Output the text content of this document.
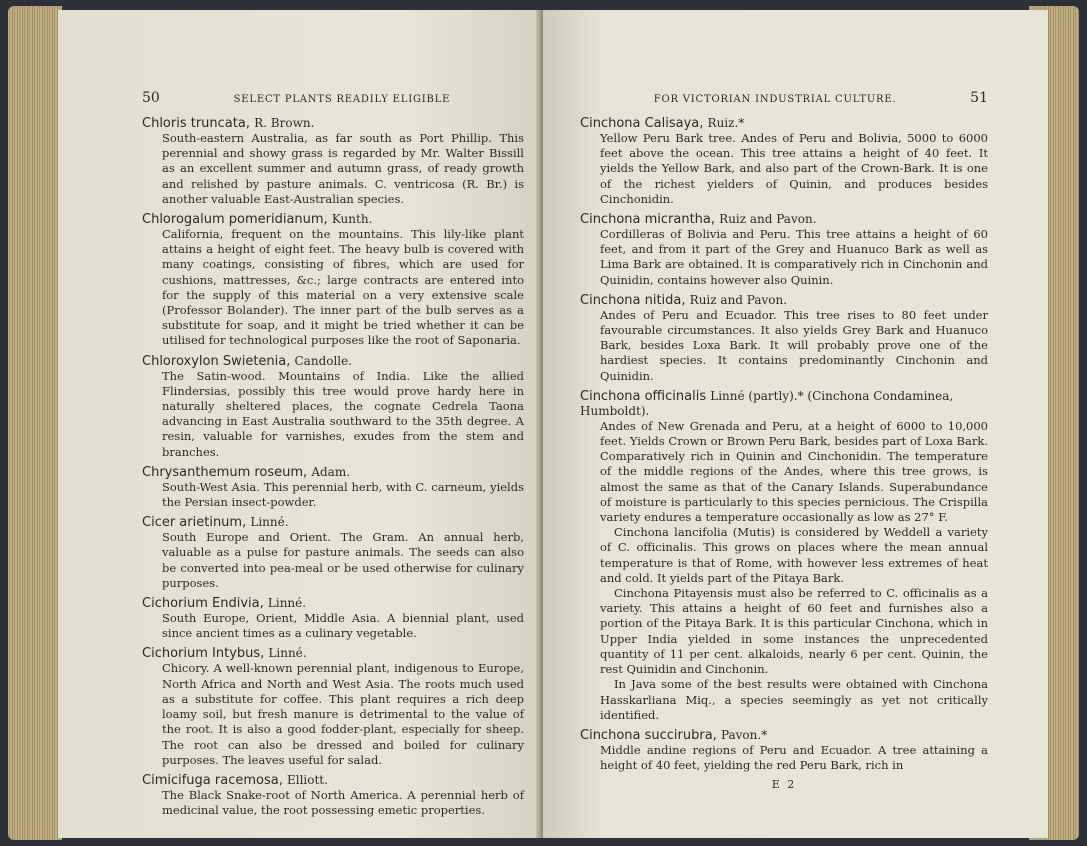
50	SELECT PLANTS READILY ELIGIBLE
Chloris truncata, R. Brown.

South-eastern Australia, as far south as Port Phillip. This perennial and showy grass is regarded by Mr. Walter Bissill as an excellent summer and autumn grass, of ready growth and relished by pasture animals. C. ventricosa (R. Br.) is another valuable East-Australian species.

Chlorogalum pomeridianum, Kunth.

California, frequent on the mountains. This lily-like plant attains a height of eight feet. The heavy bulb is covered with many coatings, consisting of fibres, which are used for cushions, mattresses, &c.; large contracts are entered into for the supply of this material on a very extensive scale (Professor Bolander). The inner part of the bulb serves as a substitute for soap, and it might be tried whether it can be utilised for technological purposes like the root of Saponaria.

Chloroxylon Swietenia, Candolle.

The Satin-wood. Mountains of India. Like the allied Flindersias, possibly this tree would prove hardy here in naturally sheltered places, the cognate Cedrela Taona advancing in East Australia southward to the 35th degree. A resin, valuable for varnishes, exudes from the stem and branches.

Chrysanthemum roseum, Adam.

South-West Asia. This perennial herb, with C. carneum, yields the Persian insect-powder.

Cicer arietinum, Linné.

South Europe and Orient. The Gram. An annual herb, valuable as a pulse for pasture animals. The seeds can also be converted into pea-meal or be used otherwise for culinary purposes.

Cichorium Endivia, Linné.

South Europe, Orient, Middle Asia. A biennial plant, used since ancient times as a culinary vegetable.

Cichorium Intybus, Linné.

Chicory. A well-known perennial plant, indigenous to Europe, North Africa and North and West Asia. The roots much used as a substitute for coffee. This plant requires a rich deep loamy soil, but fresh manure is detrimental to the value of the root. It is also a good fodder-plant, especially for sheep. The root can also be dressed and boiled for culinary purposes. The leaves useful for salad.

Cimicifuga racemosa, Elliott.

The Black Snake-root of North America. A perennial herb of medicinal value, the root possessing emetic properties.

FOR VICTORIAN INDUSTRIAL CULTURE.	51
Cinchona Calisaya, Ruiz.*

Yellow Peru Bark tree. Andes of Peru and Bolivia, 5000 to 6000 feet above the ocean. This tree attains a height of 40 feet. It yields the Yellow Bark, and also part of the Crown-Bark. It is one of the richest yielders of Quinin, and produces besides Cinchonidin.

Cinchona micrantha, Ruiz and Pavon.

Cordilleras of Bolivia and Peru. This tree attains a height of 60 feet, and from it part of the Grey and Huanuco Bark as well as Lima Bark are obtained. It is comparatively rich in Cinchonin and Quinidin, contains however also Quinin.

Cinchona nitida, Ruiz and Pavon.

Andes of Peru and Ecuador. This tree rises to 80 feet under favourable circumstances. It also yields Grey Bark and Huanuco Bark, besides Loxa Bark. It will probably prove one of the hardiest species. It contains predominantly Cinchonin and Quinidin.

Cinchona officinalis Linné (partly).* (Cinchona Condaminea, Humboldt).

Andes of New Grenada and Peru, at a height of 6000 to 10,000 feet. Yields Crown or Brown Peru Bark, besides part of Loxa Bark. Comparatively rich in Quinin and Cinchonidin. The temperature of the middle regions of the Andes, where this tree grows, is almost the same as that of the Canary Islands. Superabundance of moisture is particularly to this species pernicious. The Crispilla variety endures a temperature occasionally as low as 27° F.

Cinchona lancifolia (Mutis) is considered by Weddell a variety of C. officinalis. This grows on places where the mean annual temperature is that of Rome, with however less extremes of heat and cold. It yields part of the Pitaya Bark.

Cinchona Pitayensis must also be referred to C. officinalis as a variety. This attains a height of 60 feet and furnishes also a portion of the Pitaya Bark. It is this particular Cinchona, which in Upper India yielded in some instances the unprecedented quantity of 11 per cent. alkaloids, nearly 6 per cent. Quinin, the rest Quinidin and Cinchonin.

In Java some of the best results were obtained with Cinchona Hasskarliana Miq., a species seemingly as yet not critically identified.

Cinchona succirubra, Pavon.*

Middle andine regions of Peru and Ecuador. A tree attaining a height of 40 feet, yielding the red Peru Bark, rich in

E 2
